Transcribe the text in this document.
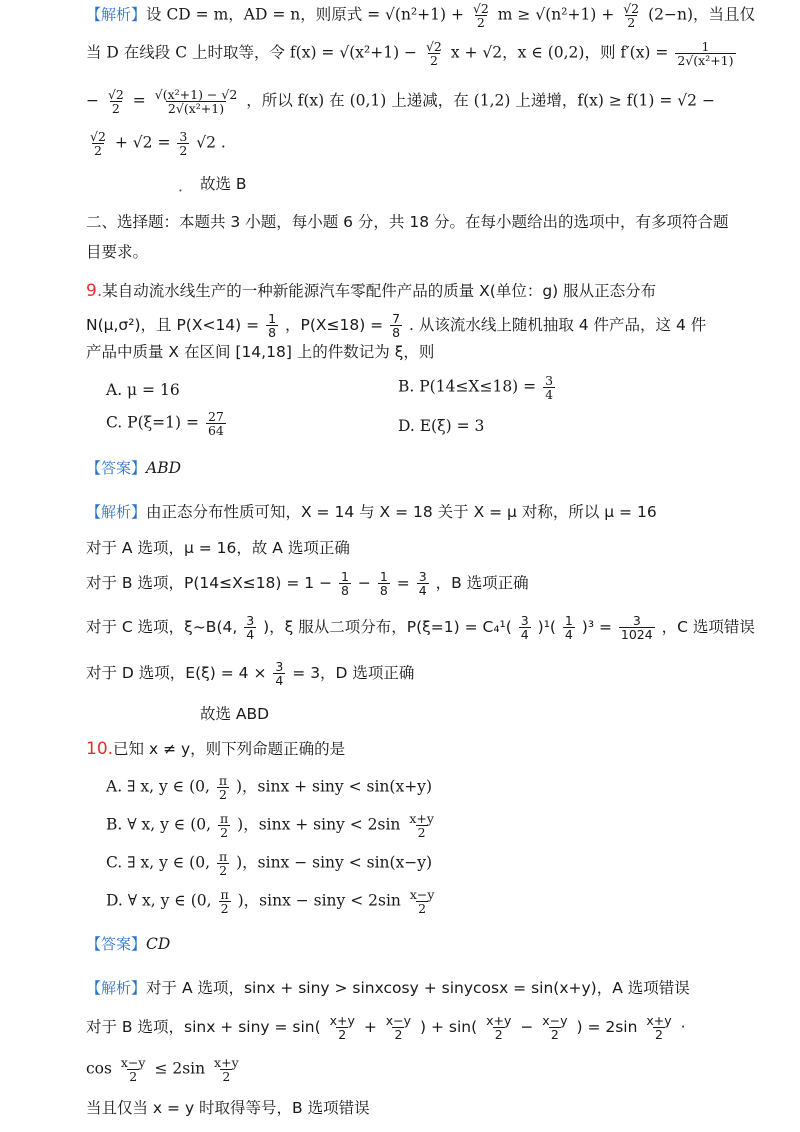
【解析】设 CD = m，AD = n，则原式 = $√(n^2+1) + \frac{√2}{2}$ $m \ge √(n^2+1) + \frac{√2}{2} (2-n)$，当且仅
当 D 在线段 C 上时取等，令 $f(x) = √(x^2+1) - \frac{√2}{2}$ x + √2，x ∈ (0,2)，则 $f'(x) = \frac{1}{\text{2√(x²+1)}}$
− $\frac{√2}{2} = \frac{\text{√(x²+1) − √2}}{\text{2√(x²+1)}}$ ，所以 f(x) 在 (0,1) 上递减，在 (1,2) 上递增，f(x) ≥ f(1) = √2 −
$\frac{√2}{2} + √2 = \frac{3}{2} √2$ .
· 故选 B
二、选择题：本题共 3 小题，每小题 6 分，共 18 分。在每小题给出的选项中，有多项符合题
目要求。
9.某自动流水线生产的一种新能源汽车零配件产品的质量 X(单位：g) 服从正态分布
N(μ,σ²)，且 $P(X<14) = \frac{1}{8}$ ，$P(X\le 18) = \frac{7}{8}$ . 从该流水线上随机抽取 4 件产品，这 4 件
产品中质量 X 在区间 [14,18] 上的件数记为 ξ，则
A. μ = 16	B. $P(14\le X\le 18) = \frac{3}{4}$
C. $P(\xi=1) = \frac{27}{64}$	D. E(ξ) = 3
【答案】ABD
【解析】由正态分布性质可知，X = 14 与 X = 18 关于 X = μ 对称，所以 μ = 16
对于 A 选项，μ = 16，故 A 选项正确
对于 B 选项，$P(14\le X\le 18) = 1 - \frac{1}{8} - \frac{1}{8} = \frac{3}{4}$ ，B 选项正确
对于 C 选项，ξ~B(4, $\frac{3}{4}$ )，ξ 服从二项分布，$P(\xi=1) = C_4^1( \frac{3}{4} )^1( \frac{1}{4} )^3 = \frac{3}{1024}$ ，C 选项错误
对于 D 选项，$E(\xi) = 4 \times \frac{3}{4} = 3$，D 选项正确
故选 ABD
10.已知 x ≠ y，则下列命题正确的是
A. ∃ x, y ∈ (0, $\frac{\pi}{2}$ )，sinx + siny < sin(x+y)
B. ∀ x, y ∈ (0, $\frac{\pi}{2}$ )，$\sin x + \sin y < 2\sin \frac{x+y}{2}$
C. ∃ x, y ∈ (0, $\frac{\pi}{2}$ )，sinx − siny < sin(x−y)
D. ∀ x, y ∈ (0, $\frac{\pi}{2}$ )，$\sin x - \sin y < 2\sin \frac{x-y}{2}$
【答案】CD
【解析】对于 A 选项，sinx + siny > sinxcosy + sinycosx = sin(x+y)，A 选项错误
对于 B 选项，$\sin x + \sin y = \sin( \frac{x+y}{2} + \frac{x-y}{2}$ ) + $\sin( \frac{x+y}{2} - \frac{x-y}{2}$ ) = $2\sin \frac{x+y}{2}$ ·
$\cos \frac{x-y}{2} \le 2\sin \frac{x+y}{2}$
当且仅当 x = y 时取得等号，B 选项错误
